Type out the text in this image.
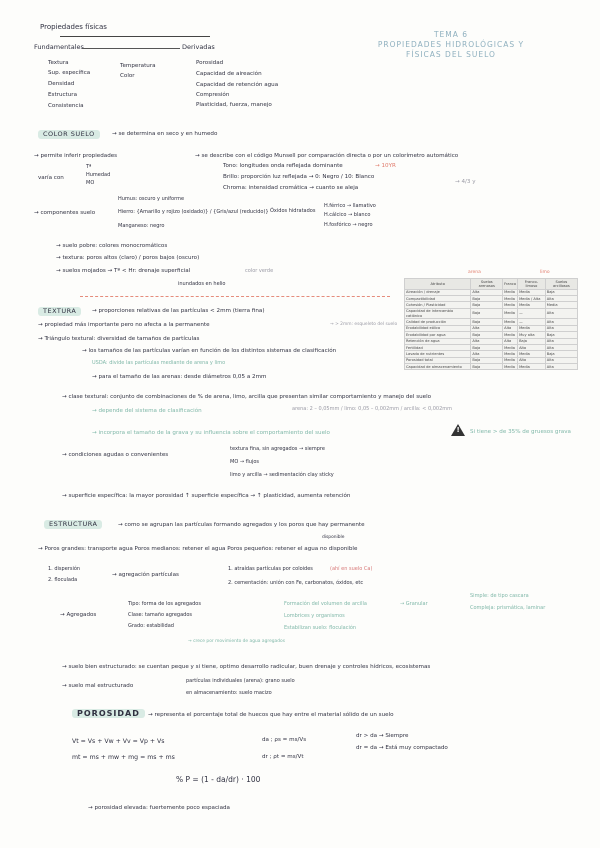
Propiedades físicas
Fundamentales	Derivadas
Textura
Sup. específica
Densidad
Estructura
Consistencia
Temperatura
Color
Porosidad
Capacidad de aireación
Capacidad de retención agua
Compresión
Plasticidad, fuerza, manejo
TEMA 6
PROPIEDADES HIDROLÓGICAS Y
FÍSICAS DEL SUELO
COLOR SUELO	→ se determina en seco y en humedo
→ permite inferir propiedades	→ se describe con el código Munsell por comparación directa o por un colorímetro automático
Tono: longitudes onda reflejada dominante	→ 10YR
Brillo: proporción luz reflejada → 0: Negro / 10: Blanco
→ 4/3 y
Chroma: intensidad cromática → cuanto se aleja
varía con
Tª
Humedad
MO
Humus: oscuro y uniforme
→ componentes suelo	Hierro: {Amarillo y rojizo (oxidado)} / {Gris/azul (reducido)}
Manganeso: negro
Óxidos hidratados
H.férrico → llamativo
H.cálcico → blanco
H.fosfórico → negro
→ suelo pobre: colores monocromáticos
→ textura: poros altos (claro) / poros bajos (oscuro)
→ suelos mojados → Tª < Hr: drenaje superficial	color verde
inundados en helio
TEXTURA	→ proporciones relativas de las partículas < 2mm (tierra fina)
→ > 2mm: esqueleto del suelo
→ propiedad más importante pero no afecta a la permanente
→ Triángulo textural: diversidad de tamaños de partículas
→ los tamaños de las partículas varían en función de los distintos sistemas de clasificación
USDA: divide las partículas mediante de arena y limo
→ para el tamaño de las arenas: desde diámetros 0,05 a 2mm
→ clase textural: conjunto de combinaciones de % de arena, limo, arcilla que presentan similar comportamiento y manejo del suelo
→ depende del sistema de clasificación	arena: 2 – 0,05mm / limo: 0,05 – 0,002mm / arcilla: < 0,002mm
→ incorpora el tamaño de la grava y su influencia sobre el comportamiento del suelo !	Si tiene > de 35% de gruesos grava
→ condiciones agudas o convenientes
textura fina, sin agregados → siempre
MO → flujos
limo y arcilla → sedimentación clay sticky
→ superficie específica: la mayor porosidad ↑ superficie específica → ↑ plasticidad, aumenta retención
arena	limo
Atributo	Suelos arenosos	Franco	Franco-limoso	Suelos arcillosos
Aireación / drenaje	Alta	Media	Media	Baja
Compactibilidad	Baja	Media	Media / Alta	Alta
Cohesión / Plasticidad	Baja	Media	Media	Media
Capacidad de intercambio catiónico	Baja	Media	—	Alta
Calidad de producción	Baja	Media	—	Alta
Erodabilidad eólica	Alta	Alta	Media	Alta
Erodabilidad por agua	Baja	Media	Muy alta	Baja
Retención de agua	Alta	Alta	Baja	Alta
Fertilidad	Baja	Media	Alta	Alta
Lavado de nutrientes	Alta	Media	Media	Baja
Porosidad total	Baja	Media	Alta	Alta
Capacidad de almacenamiento	Baja	Media	Media	Alta
ESTRUCTURA	→ como se agrupan las partículas formando agregados y los poros que hay permanente
disponible
→ Poros grandes: transporte agua Poros medianos: retener el agua Poros pequeños: retener el agua no disponible
1. dispersión
2. floculada
→ agregación partículas
1. atraídas partículas por coloides	(ahí en suelo Ca)
2. cementación: unión con Fe, carbonatos, óxidos, etc
→ Agregados
Tipo: forma de los agregados
Clase: tamaño agregados
Grado: estabilidad
Formación del volumen de arcilla
Lombrices y organismos
Estabilizan suelo: floculación
→ Granular
Simple: de tipo cascara
Compleja: prismática, laminar
→ crece por movimiento de agua agregados
→ suelo bien estructurado: se cuentan peque y si tiene, optimo desarrollo radicular, buen drenaje y controles hídricos, ecosistemas
→ suelo mal estructurado
partículas individuales (arena): grano suelo
en almacenamiento: suelo macizo
POROSIDAD	→ representa el porcentaje total de huecos que hay entre el material sólido de un suelo
Vt = Vs + Vw + Vv = Vp + Vs
mt = ms + mw + mg = ms + ms
da ; ρs = ms/Vs
dr ; ρt = ms/Vt
dr > da → Siempre
dr = da → Está muy compactado
% P = (1 - da/dr) · 100
→ porosidad elevada: fuertemente poco espaciada
